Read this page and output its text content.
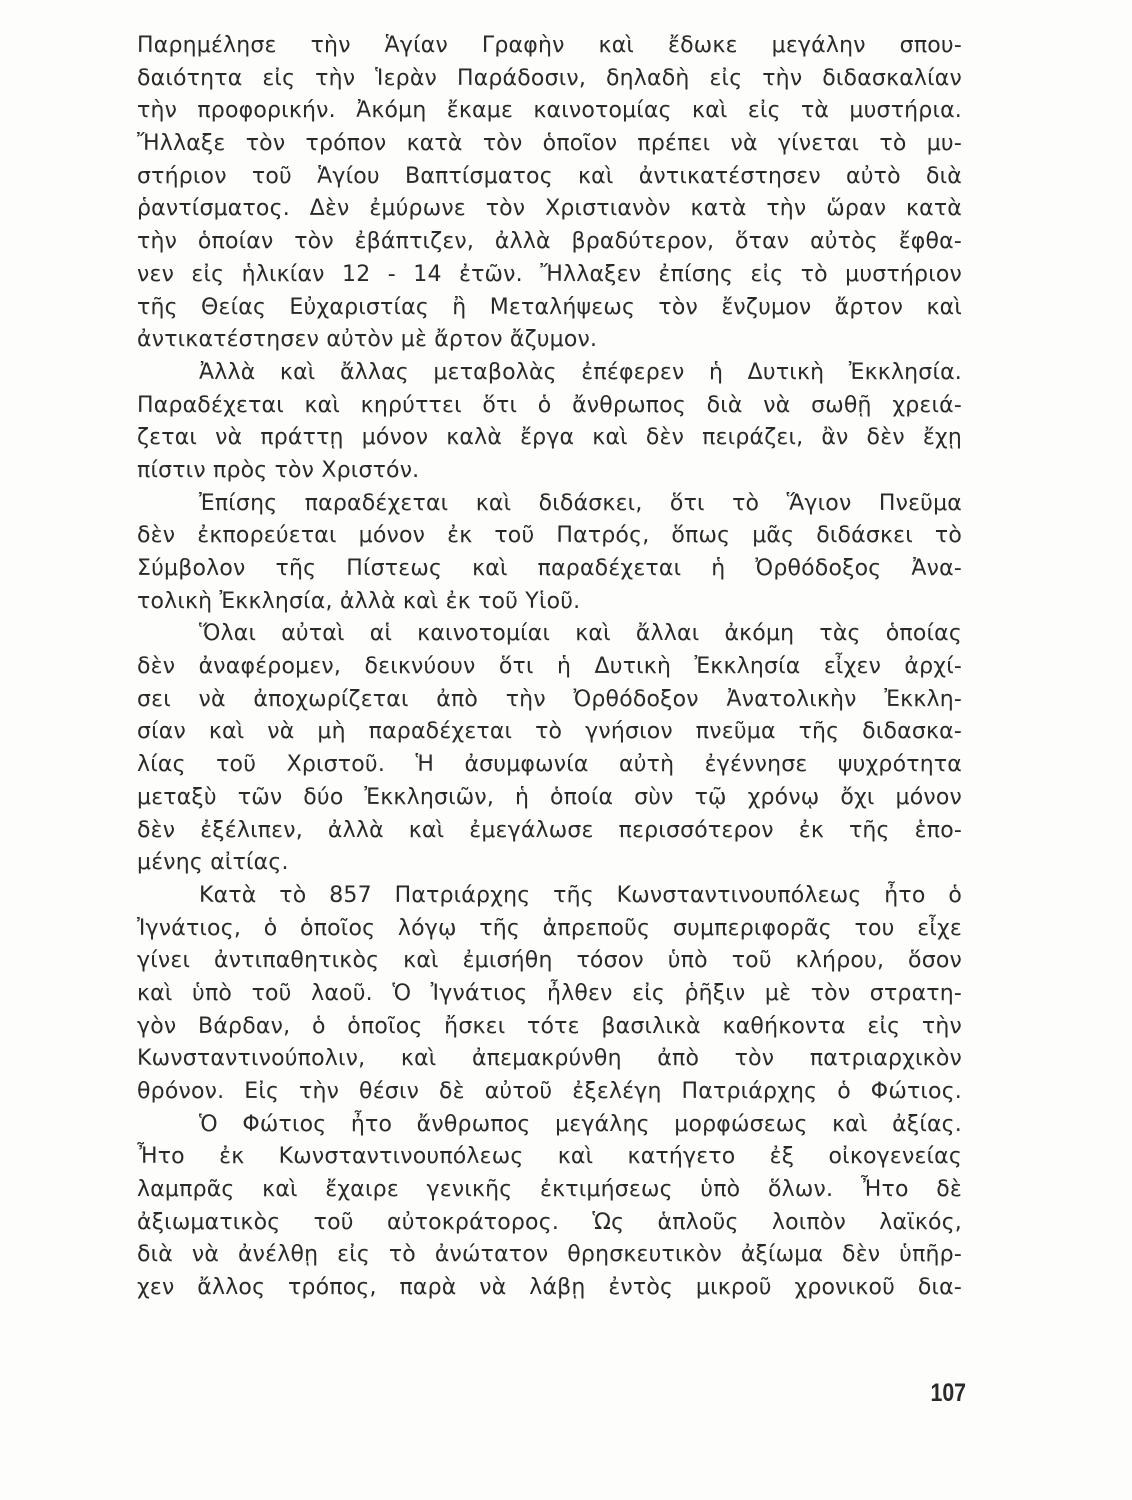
Παρημέλησε τὴν Ἁγίαν Γραφὴν καὶ ἔδωκε μεγάλην σπου-
δαιότητα εἰς τὴν Ἱερὰν Παράδοσιν, δηλαδὴ εἰς τὴν διδασκαλίαν
τὴν προφορικήν. Ἀκόμη ἔκαμε καινοτομίας καὶ εἰς τὰ μυστήρια.
Ἤλλαξε τὸν τρόπον κατὰ τὸν ὁποῖον πρέπει νὰ γίνεται τὸ μυ-
στήριον τοῦ Ἁγίου Βαπτίσματος καὶ ἀντικατέστησεν αὐτὸ διὰ
ῥαντίσματος. Δὲν ἐμύρωνε τὸν Χριστιανὸν κατὰ τὴν ὥραν κατὰ
τὴν ὁποίαν τὸν ἐβάπτιζεν, ἀλλὰ βραδύτερον, ὅταν αὐτὸς ἔφθα-
νεν εἰς ἡλικίαν 12 - 14 ἐτῶν. Ἤλλαξεν ἐπίσης εἰς τὸ μυστήριον
τῆς Θείας Εὐχαριστίας ἢ Μεταλήψεως τὸν ἔνζυμον ἄρτον καὶ
ἀντικατέστησεν αὐτὸν μὲ ἄρτον ἄζυμον.
Ἀλλὰ καὶ ἄλλας μεταβολὰς ἐπέφερεν ἡ Δυτικὴ Ἐκκλησία.
Παραδέχεται καὶ κηρύττει ὅτι ὁ ἄνθρωπος διὰ νὰ σωθῇ χρειά-
ζεται νὰ πράττῃ μόνον καλὰ ἔργα καὶ δὲν πειράζει, ἂν δὲν ἔχῃ
πίστιν πρὸς τὸν Χριστόν.
Ἐπίσης παραδέχεται καὶ διδάσκει, ὅτι τὸ Ἅγιον Πνεῦμα
δὲν ἐκπορεύεται μόνον ἐκ τοῦ Πατρός, ὅπως μᾶς διδάσκει τὸ
Σύμβολον τῆς Πίστεως καὶ παραδέχεται ἡ Ὀρθόδοξος Ἀνα-
τολικὴ Ἐκκλησία, ἀλλὰ καὶ ἐκ τοῦ Υἱοῦ.
Ὅλαι αὐταὶ αἱ καινοτομίαι καὶ ἄλλαι ἀκόμη τὰς ὁποίας
δὲν ἀναφέρομεν, δεικνύουν ὅτι ἡ Δυτικὴ Ἐκκλησία εἶχεν ἀρχί-
σει νὰ ἀποχωρίζεται ἀπὸ τὴν Ὀρθόδοξον Ἀνατολικὴν Ἐκκλη-
σίαν καὶ νὰ μὴ παραδέχεται τὸ γνήσιον πνεῦμα τῆς διδασκα-
λίας τοῦ Χριστοῦ. Ἡ ἀσυμφωνία αὐτὴ ἐγέννησε ψυχρότητα
μεταξὺ τῶν δύο Ἐκκλησιῶν, ἡ ὁποία σὺν τῷ χρόνῳ ὄχι μόνον
δὲν ἐξέλιπεν, ἀλλὰ καὶ ἐμεγάλωσε περισσότερον ἐκ τῆς ἑπο-
μένης αἰτίας.
Κατὰ τὸ 857 Πατριάρχης τῆς Κωνσταντινουπόλεως ἦτο ὁ
Ἰγνάτιος, ὁ ὁποῖος λόγῳ τῆς ἀπρεποῦς συμπεριφορᾶς του εἶχε
γίνει ἀντιπαθητικὸς καὶ ἐμισήθη τόσον ὑπὸ τοῦ κλήρου, ὅσον
καὶ ὑπὸ τοῦ λαοῦ. Ὁ Ἰγνάτιος ἦλθεν εἰς ῥῆξιν μὲ τὸν στρατη-
γὸν Βάρδαν, ὁ ὁποῖος ἤσκει τότε βασιλικὰ καθήκοντα εἰς τὴν
Κωνσταντινούπολιν, καὶ ἀπεμακρύνθη ἀπὸ τὸν πατριαρχικὸν
θρόνον. Εἰς τὴν θέσιν δὲ αὐτοῦ ἐξελέγη Πατριάρχης ὁ Φώτιος.
Ὁ Φώτιος ἦτο ἄνθρωπος μεγάλης μορφώσεως καὶ ἀξίας.
Ἦτο ἐκ Κωνσταντινουπόλεως καὶ κατήγετο ἐξ οἰκογενείας
λαμπρᾶς καὶ ἔχαιρε γενικῆς ἐκτιμήσεως ὑπὸ ὅλων. Ἦτο δὲ
ἀξιωματικὸς τοῦ αὐτοκράτορος. Ὡς ἁπλοῦς λοιπὸν λαϊκός,
διὰ νὰ ἀνέλθῃ εἰς τὸ ἀνώτατον θρησκευτικὸν ἀξίωμα δὲν ὑπῆρ-
χεν ἄλλος τρόπος, παρὰ νὰ λάβῃ ἐντὸς μικροῦ χρονικοῦ δια-
107
